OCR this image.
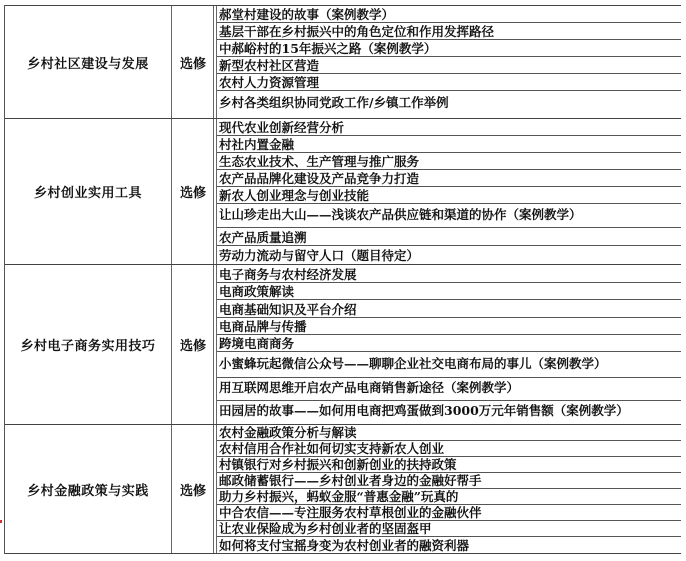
乡村社区建设与发展	选修
郝堂村建设的故事（案例教学）
基层干部在乡村振兴中的角色定位和作用发挥路径
中郝峪村的15年振兴之路（案例教学）
新型农村社区营造
农村人力资源管理
乡村各类组织协同党政工作/乡镇工作举例
乡村创业实用工具	选修
现代农业创新经营分析
村社内置金融
生态农业技术、生产管理与推广服务
农产品品牌化建设及产品竞争力打造
新农人创业理念与创业技能
让山珍走出大山——浅谈农产品供应链和渠道的协作（案例教学）
农产品质量追溯
劳动力流动与留守人口（题目待定）
乡村电子商务实用技巧	选修
电子商务与农村经济发展
电商政策解读
电商基础知识及平台介绍
电商品牌与传播
跨境电商商务
小蜜蜂玩起微信公众号——聊聊企业社交电商布局的事儿（案例教学）
用互联网思维开启农产品电商销售新途径（案例教学）
田园居的故事——如何用电商把鸡蛋做到3000万元年销售额（案例教学）
乡村金融政策与实践	选修
农村金融政策分析与解读
农村信用合作社如何切实支持新农人创业
村镇银行对乡村振兴和创新创业的扶持政策
邮政储蓄银行——乡村创业者身边的金融好帮手
助力乡村振兴，蚂蚁金服“普惠金融”玩真的
中合农信——专注服务农村草根创业的金融伙伴
让农业保险成为乡村创业者的坚固盔甲
如何将支付宝摇身变为农村创业者的融资利器
